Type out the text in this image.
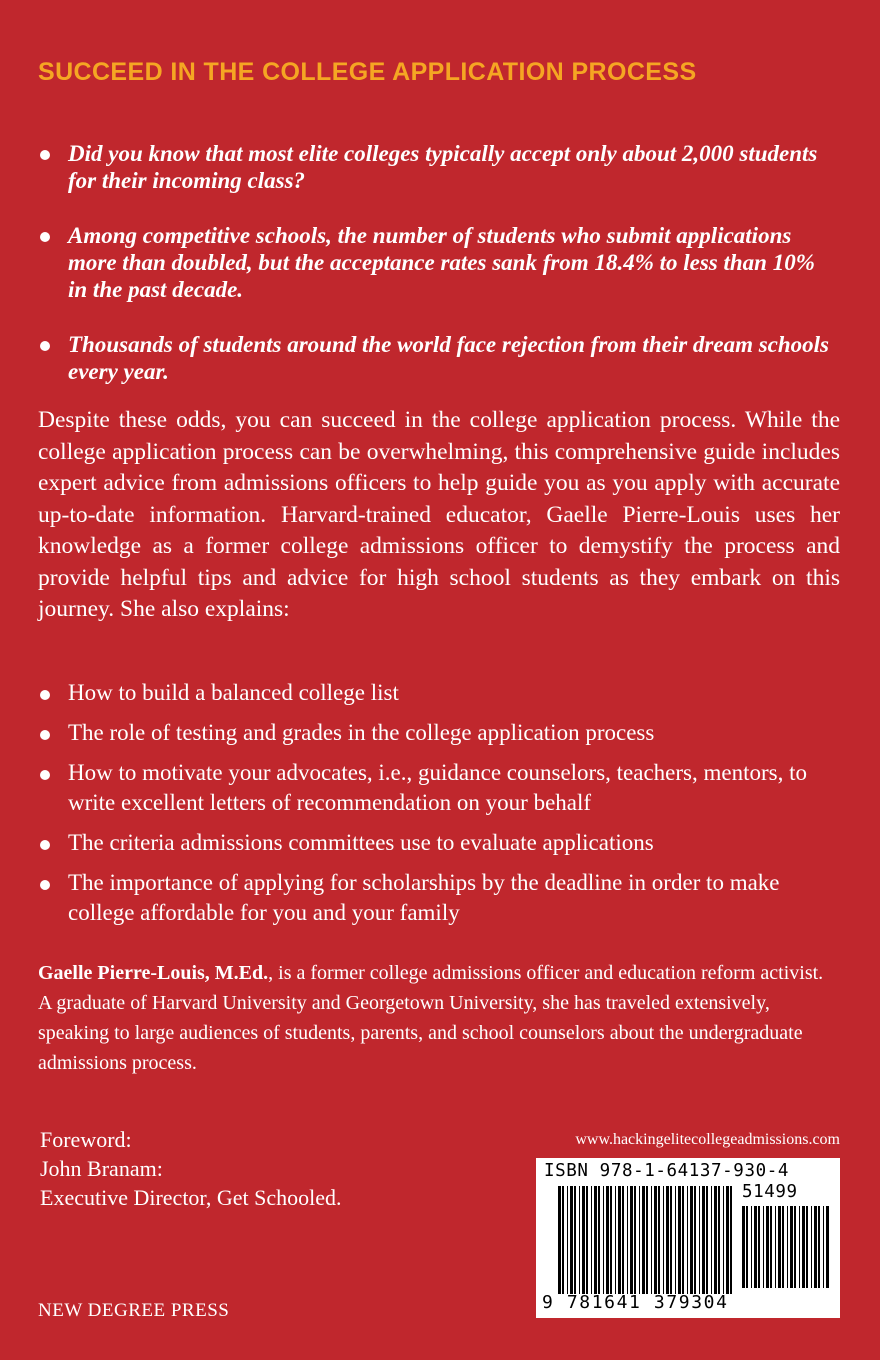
SUCCEED IN THE COLLEGE APPLICATION PROCESS
Did you know that most elite colleges typically accept only about 2,000 students for their incoming class?
Among competitive schools, the number of students who submit applications more than doubled, but the acceptance rates sank from 18.4% to less than 10% in the past decade.
Thousands of students around the world face rejection from their dream schools every year.

Despite these odds, you can succeed in the college application process. While the college application process can be overwhelming, this comprehensive guide includes expert advice from admissions officers to help guide you as you apply with accurate up-to-date information. Harvard-trained educator, Gaelle Pierre-Louis uses her knowledge as a former college admissions officer to demystify the process and provide helpful tips and advice for high school students as they embark on this journey. She also explains:

How to build a balanced college list
The role of testing and grades in the college application process
How to motivate your advocates, i.e., guidance counselors, teachers, mentors, to write excellent letters of recommendation on your behalf
The criteria admissions committees use to evaluate applications
The importance of applying for scholarships by the deadline in order to make college affordable for you and your family

Gaelle Pierre-Louis, M.Ed., is a former college admissions officer and education reform activist. A graduate of Harvard University and Georgetown University, she has traveled extensively, speaking to large audiences of students, parents, and school counselors about the undergraduate admissions process.

Foreword:
John Branam:
Executive Director, Get Schooled.
NEW DEGREE PRESS
www.hackingelitecollegeadmissions.com
ISBN 978-1-64137-930-4
51499
9 781641 379304
